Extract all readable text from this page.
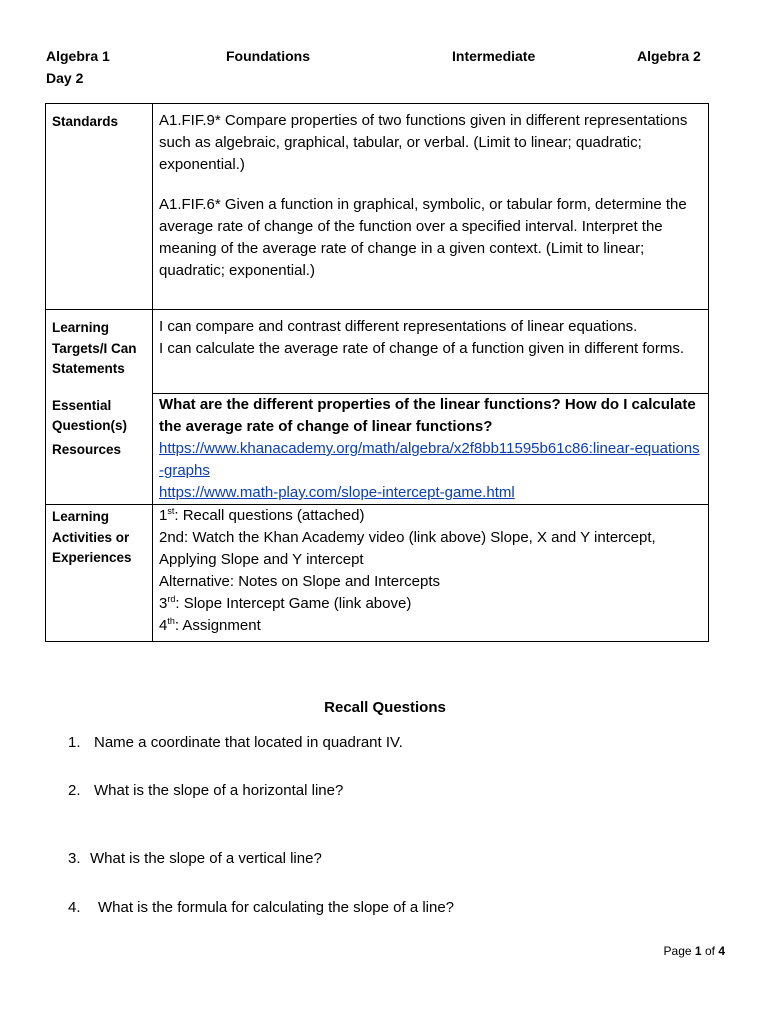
Algebra 1
Day 2
Foundations	Intermediate	Algebra 2
Standards	A1.FIF.9* Compare properties of two functions given in different representations such as algebraic, graphical, tabular, or verbal. (Limit to linear; quadratic; exponential.)

A1.FIF.6* Given a function in graphical, symbolic, or tabular form, determine the average rate of change of the function over a specified interval. Interpret the meaning of the average rate of change in a given context. (Limit to linear; quadratic; exponential.)

Learning Targets/I Can Statements	I can compare and contrast different representations of linear equations.
I can calculate the average rate of change of a function given in different forms.

Essential Question(s)	What are the different properties of the linear functions? How do I calculate the average rate of change of linear functions?
Resources	https://www.khanacademy.org/math/algebra/x2f8bb11595b61c86:linear-equations-graphs
https://www.math-play.com/slope-intercept-game.html

Learning Activities or Experiences	1st: Recall questions (attached)
2nd: Watch the Khan Academy video (link above) Slope, X and Y intercept, Applying Slope and Y intercept
Alternative: Notes on Slope and Intercepts
3rd: Slope Intercept Game (link above)
4th: Assignment
Recall Questions
1. Name a coordinate that located in quadrant IV.
2. What is the slope of a horizontal line?
3. What is the slope of a vertical line?
4. What is the formula for calculating the slope of a line?
Page 1 of 4
